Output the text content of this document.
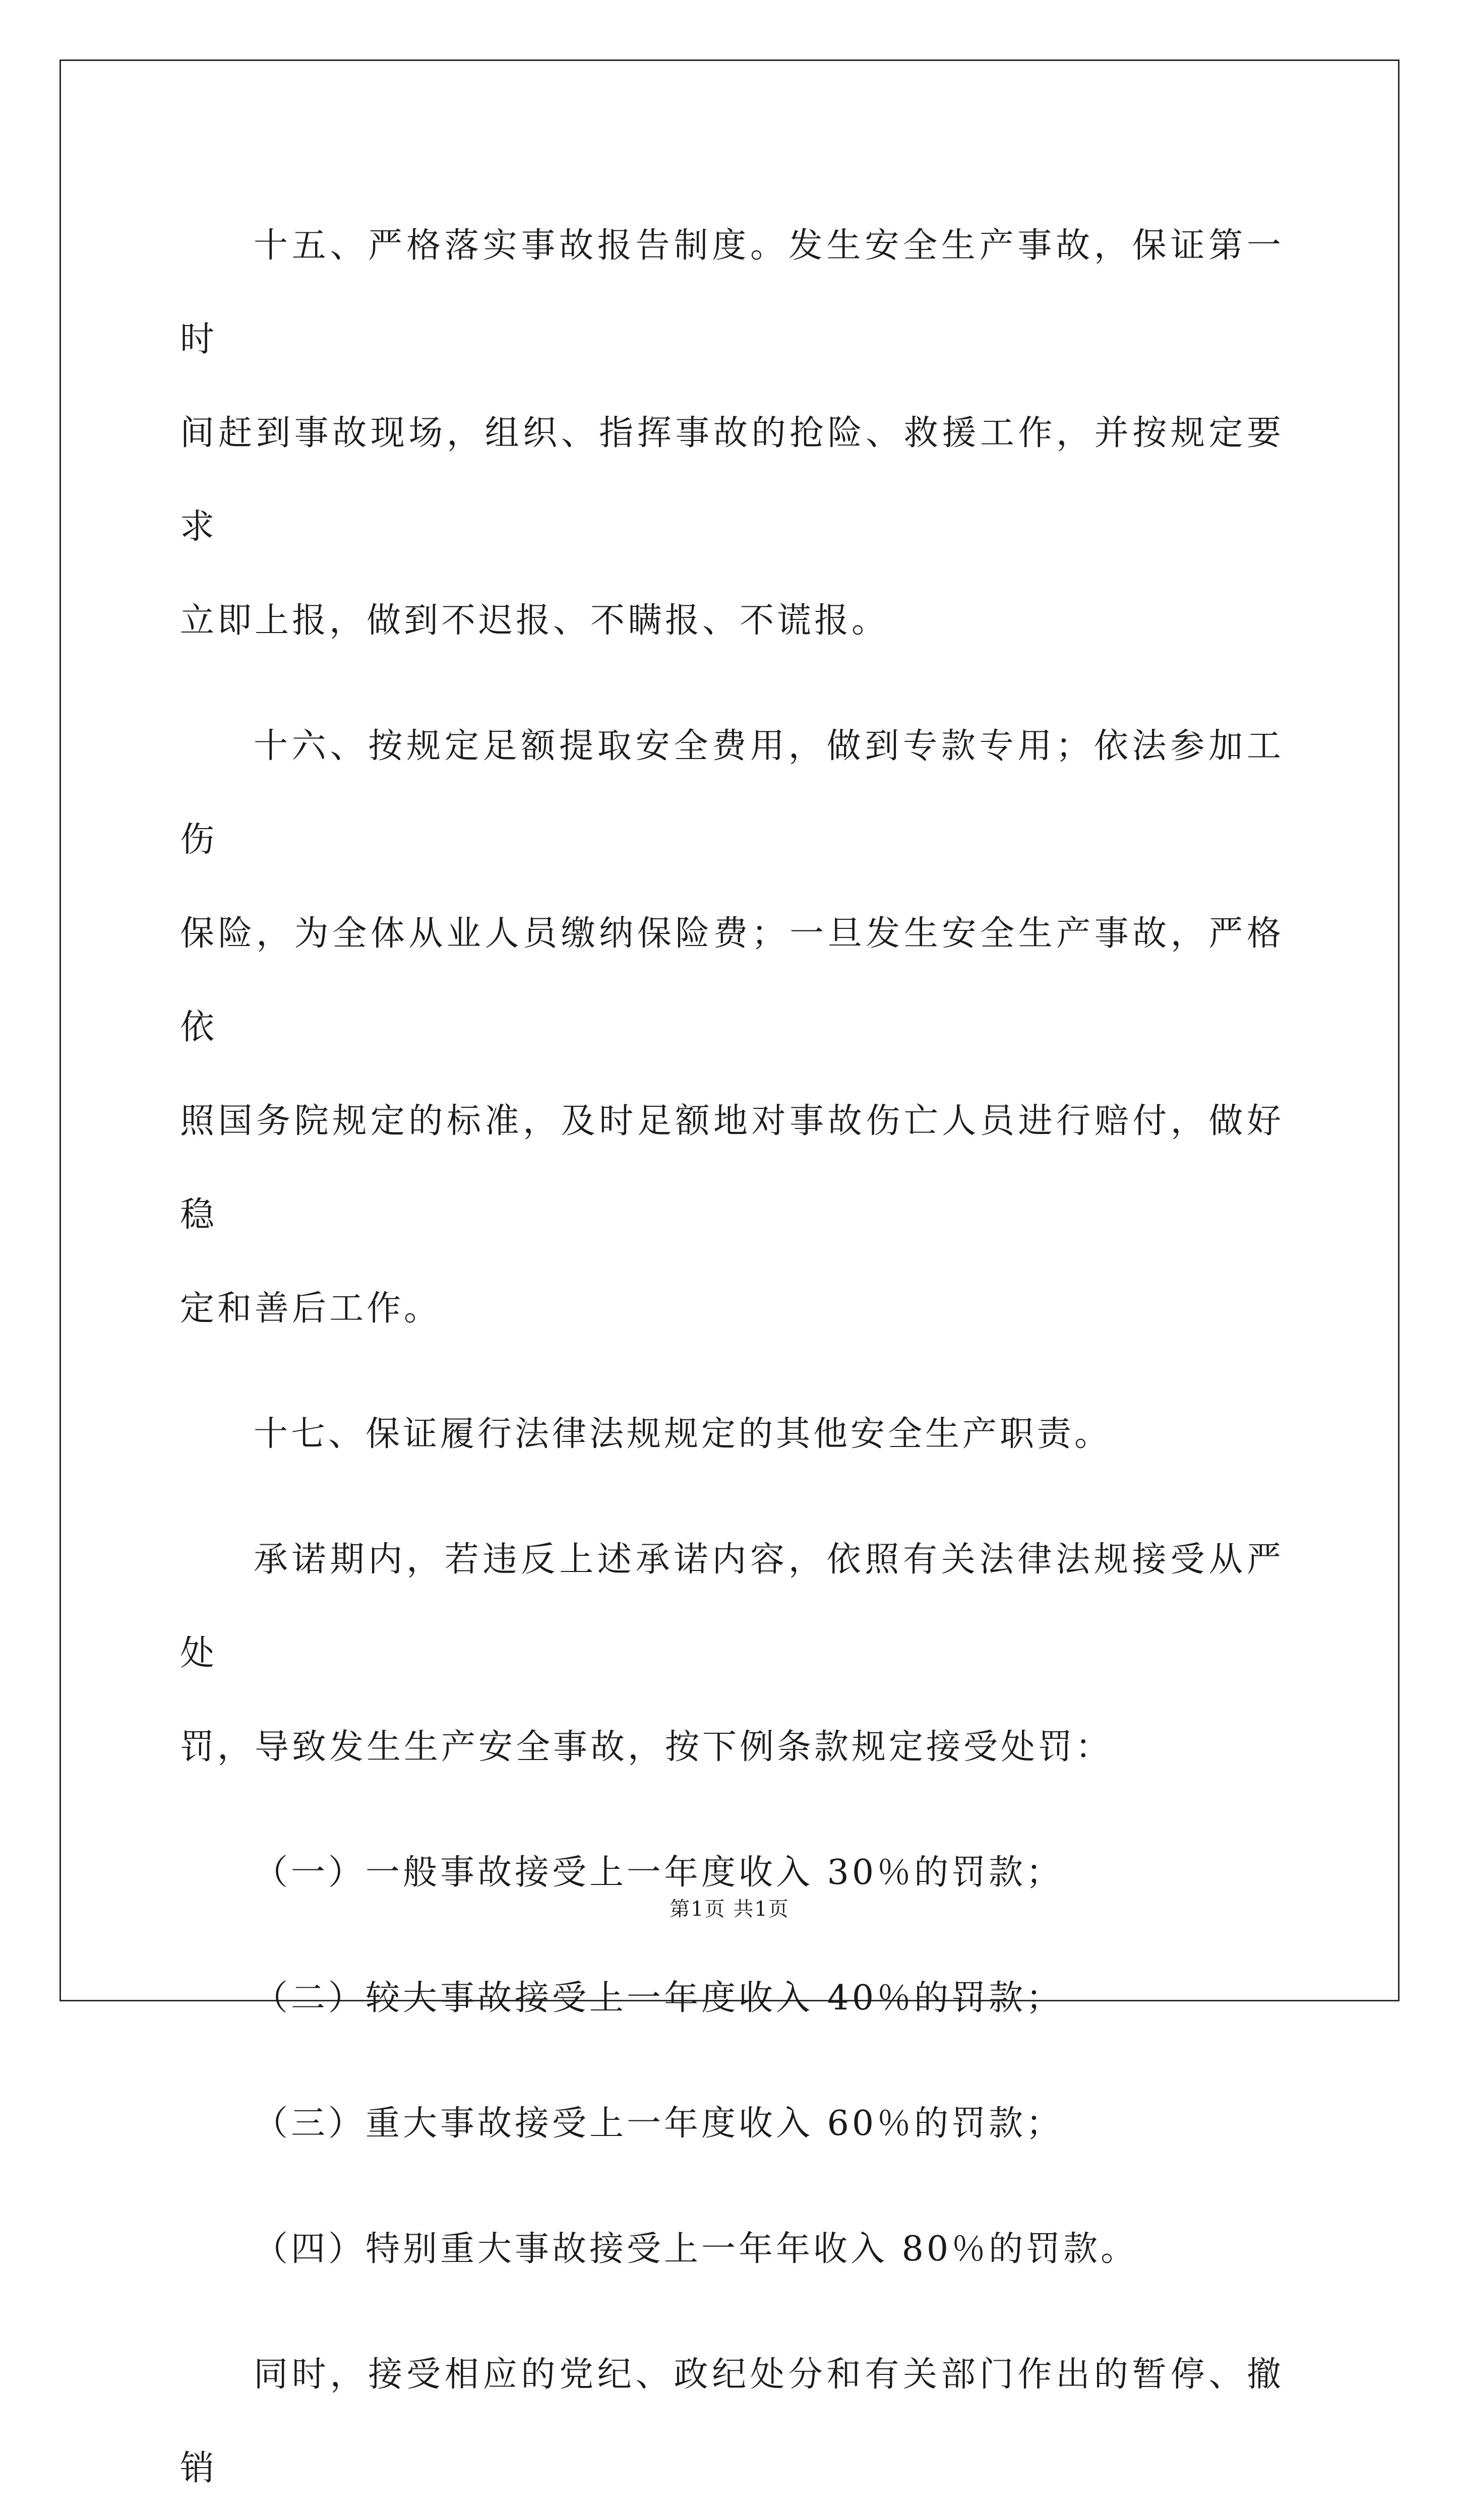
十五、严格落实事故报告制度。发生安全生产事故，保证第一时
间赶到事故现场，组织、指挥事故的抢险、救援工作，并按规定要求
立即上报，做到不迟报、不瞒报、不谎报。
十六、按规定足额提取安全费用，做到专款专用；依法参加工伤
保险，为全体从业人员缴纳保险费；一旦发生安全生产事故，严格依
照国务院规定的标准，及时足额地对事故伤亡人员进行赔付，做好稳
定和善后工作。
十七、保证履行法律法规规定的其他安全生产职责。
承诺期内，若违反上述承诺内容，依照有关法律法规接受从严处
罚，导致发生生产安全事故，按下例条款规定接受处罚：
（一）一般事故接受上一年度收入 30％的罚款；
（二）较大事故接受上一年度收入 40％的罚款；
（三）重大事故接受上一年度收入 60％的罚款；
（四）特别重大事故接受上一年年收入 80％的罚款。
同时，接受相应的党纪、政纪处分和有关部门作出的暂停、撤销
第1页 共1页
